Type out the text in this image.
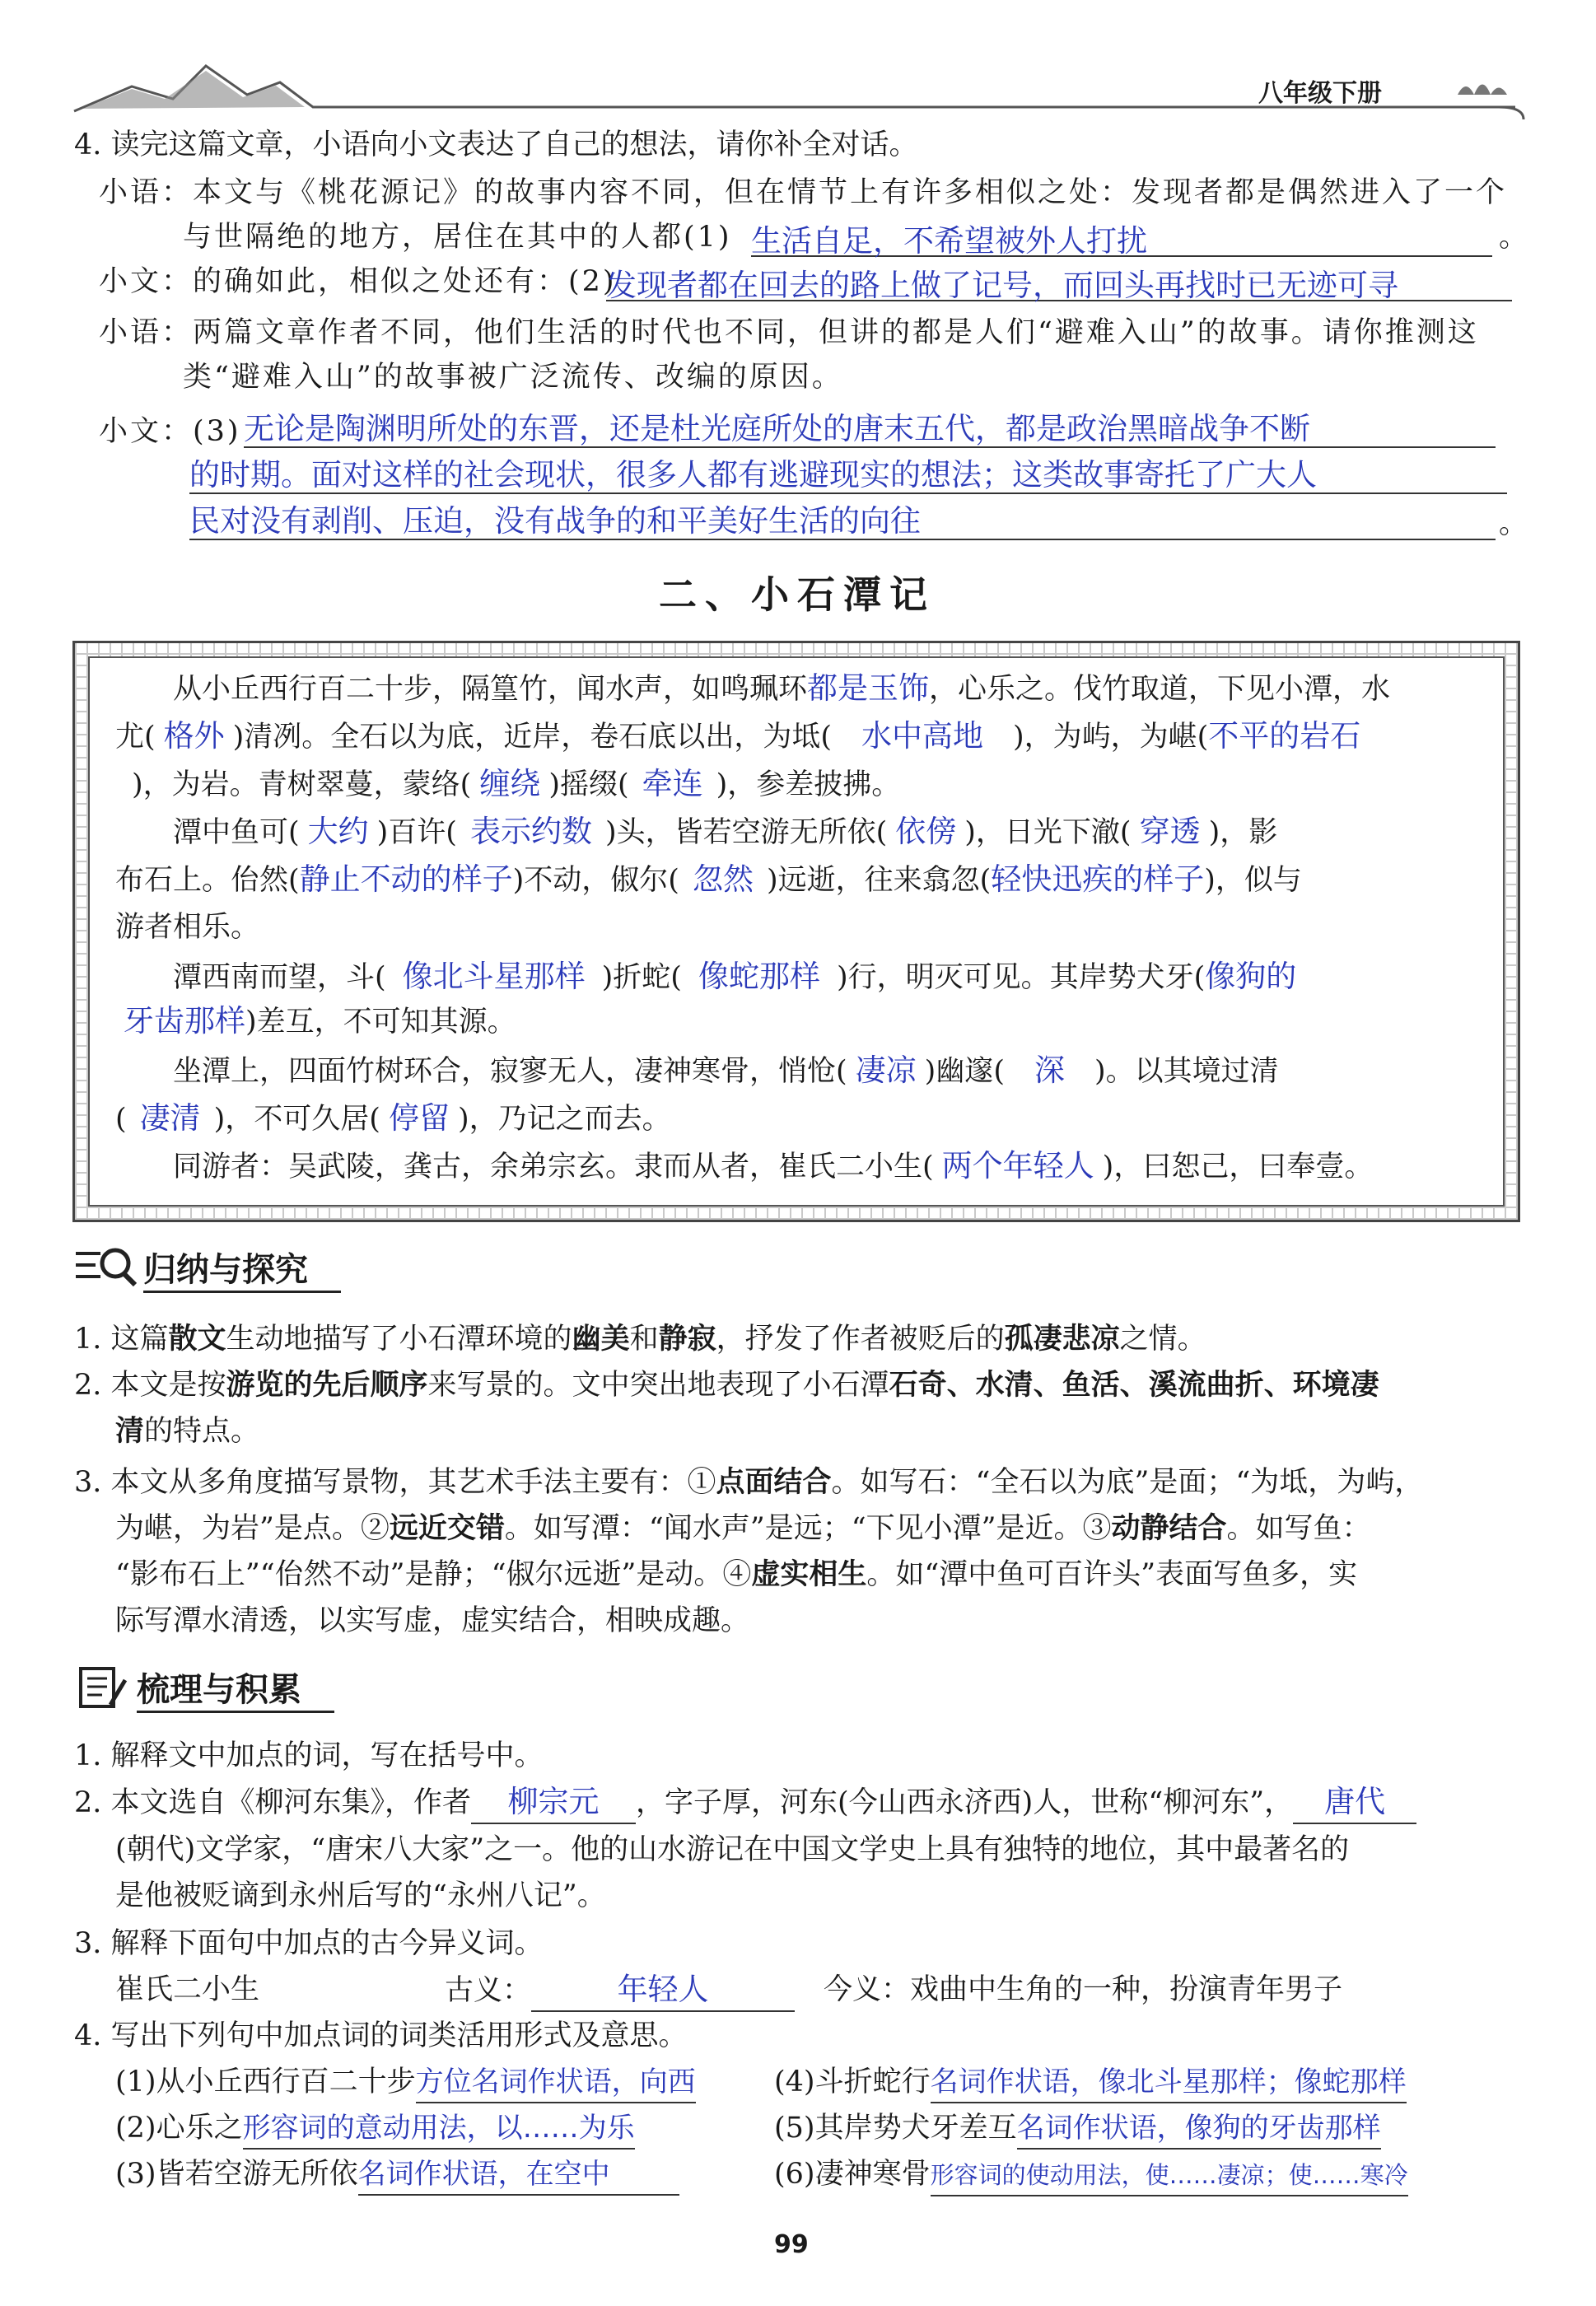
八年级下册
4. 读完这篇文章，小语向小文表达了自己的想法，请你补全对话。
小语：本文与《桃花源记》的故事内容不同，但在情节上有许多相似之处：发现者都是偶然进入了一个
与世隔绝的地方，居住在其中的人都(1) 生活自足，不希望被外人打扰	。
小文：的确如此，相似之处还有：(2)
发现者都在回去的路上做了记号，而回头再找时已无迹可寻
小语：两篇文章作者不同，他们生活的时代也不同，但讲的都是人们“避难入山”的故事。请你推测这
类“避难入山”的故事被广泛流传、改编的原因。
小文：(3) 无论是陶渊明所处的东晋，还是杜光庭所处的唐末五代，都是政治黑暗战争不断
的时期。面对这样的社会现状，很多人都有逃避现实的想法；这类故事寄托了广大人
民对没有剥削、压迫，没有战争的和平美好生活的向往	。
二、小石潭记
从小丘西行百二十步，隔篁竹，闻水声，如鸣珮环都是玉饰，心乐之。伐竹取道，下见小潭，水
尤( 格外 )清冽。全石以为底，近岸，卷石底以出，为坻( 水中高地 )，为屿，为嵁(不平的岩石
)，为岩。青树翠蔓，蒙络( 缠绕 )摇缀( 牵连 )，参差披拂。
潭中鱼可( 大约 )百许( 表示约数 )头，皆若空游无所依( 依傍 )，日光下澈( 穿透 )，影
布石上。佁然(静止不动的样子)不动，俶尔( 忽然 )远逝，往来翕忽(轻快迅疾的样子)，似与
游者相乐。
潭西南而望，斗( 像北斗星那样 )折蛇( 像蛇那样 )行，明灭可见。其岸势犬牙(像狗的
牙齿那样)差互，不可知其源。
坐潭上，四面竹树环合，寂寥无人，凄神寒骨，悄怆( 凄凉 )幽邃( 深 )。以其境过清
( 凄清 )，不可久居( 停留 )，乃记之而去。
同游者：吴武陵，龚古，余弟宗玄。隶而从者，崔氏二小生( 两个年轻人 )，曰恕己，曰奉壹。
归纳与探究
1. 这篇散文生动地描写了小石潭环境的幽美和静寂，抒发了作者被贬后的孤凄悲凉之情。
2. 本文是按游览的先后顺序来写景的。文中突出地表现了小石潭石奇、水清、鱼活、溪流曲折、环境凄
清的特点。
3. 本文从多角度描写景物，其艺术手法主要有：①点面结合。如写石：“全石以为底”是面；“为坻，为屿，
为嵁，为岩”是点。②远近交错。如写潭：“闻水声”是远；“下见小潭”是近。③动静结合。如写鱼：
“影布石上”“佁然不动”是静；“俶尔远逝”是动。④虚实相生。如“潭中鱼可百许头”表面写鱼多，实
际写潭水清透，以实写虚，虚实结合，相映成趣。
梳理与积累
1. 解释文中加点的词，写在括号中。
2. 本文选自《柳河东集》，作者 柳宗元 ，字子厚，河东(今山西永济西)人，世称“柳河东”， 唐代
(朝代)文学家，“唐宋八大家”之一。他的山水游记在中国文学史上具有独特的地位，其中最著名的
是他被贬谪到永州后写的“永州八记”。
3. 解释下面句中加点的古今异义词。
崔氏二小生	古义：	年轻人	今义：戏曲中生角的一种，扮演青年男子
4. 写出下列句中加点词的词类活用形式及意思。
(1)从小丘西行百二十步方位名词作状语，向西	(4)斗折蛇行名词作状语，像北斗星那样；像蛇那样
(2)心乐之形容词的意动用法，以……为乐	(5)其岸势犬牙差互名词作状语，像狗的牙齿那样
(3)皆若空游无所依名词作状语，在空中	(6)凄神寒骨形容词的使动用法，使……凄凉；使……寒冷
99
